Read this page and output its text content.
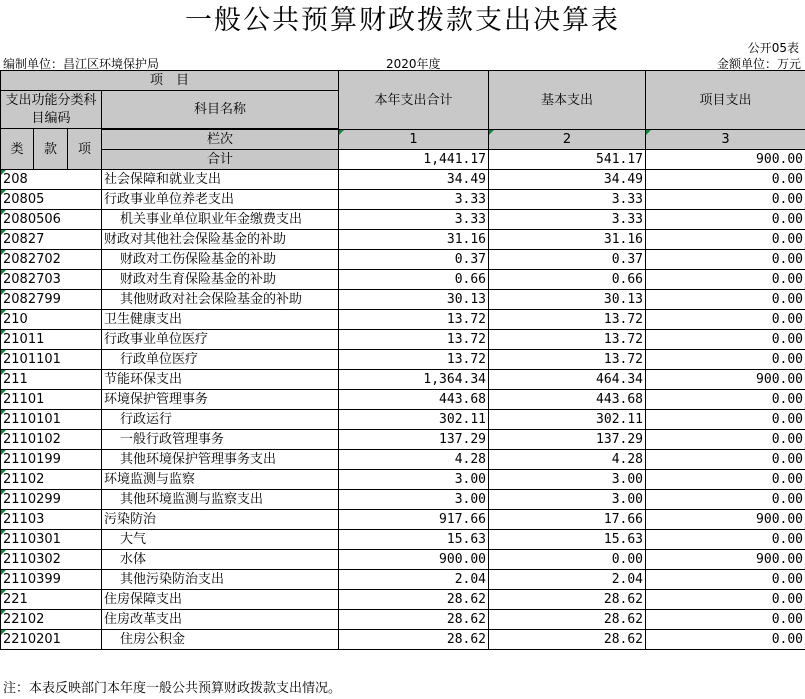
一般公共预算财政拨款支出决算表
公开05表
编制单位：昌江区环境保护局	2020年度	金额单位：万元
项　目				本年支出合计	基本支出	项目支出
支出功能分类科目编码			科目名称			

类	款	项				
			栏次	1	2	3
			合计	1,441.17	541.17	900.00

208			社会保障和就业支出	34.49	34.49	0.00

20805			行政事业单位养老支出	3.33	3.33	0.00

2080506			机关事业单位职业年金缴费支出	3.33	3.33	0.00

20827			财政对其他社会保险基金的补助	31.16	31.16	0.00

2082702			财政对工伤保险基金的补助	0.37	0.37	0.00

2082703			财政对生育保险基金的补助	0.66	0.66	0.00

2082799			其他财政对社会保险基金的补助	30.13	30.13	0.00

210			卫生健康支出	13.72	13.72	0.00

21011			行政事业单位医疗	13.72	13.72	0.00

2101101			行政单位医疗	13.72	13.72	0.00

211			节能环保支出	1,364.34	464.34	900.00

21101			环境保护管理事务	443.68	443.68	0.00

2110101			行政运行	302.11	302.11	0.00

2110102			一般行政管理事务	137.29	137.29	0.00

2110199			其他环境保护管理事务支出	4.28	4.28	0.00

21102			环境监测与监察	3.00	3.00	0.00

2110299			其他环境监测与监察支出	3.00	3.00	0.00

21103			污染防治	917.66	17.66	900.00

2110301			大气	15.63	15.63	0.00

2110302			水体	900.00	0.00	900.00

2110399			其他污染防治支出	2.04	2.04	0.00

221			住房保障支出	28.62	28.62	0.00

22102			住房改革支出	28.62	28.62	0.00

2210201			住房公积金	28.62	28.62	0.00
注：本表反映部门本年度一般公共预算财政拨款支出情况。
